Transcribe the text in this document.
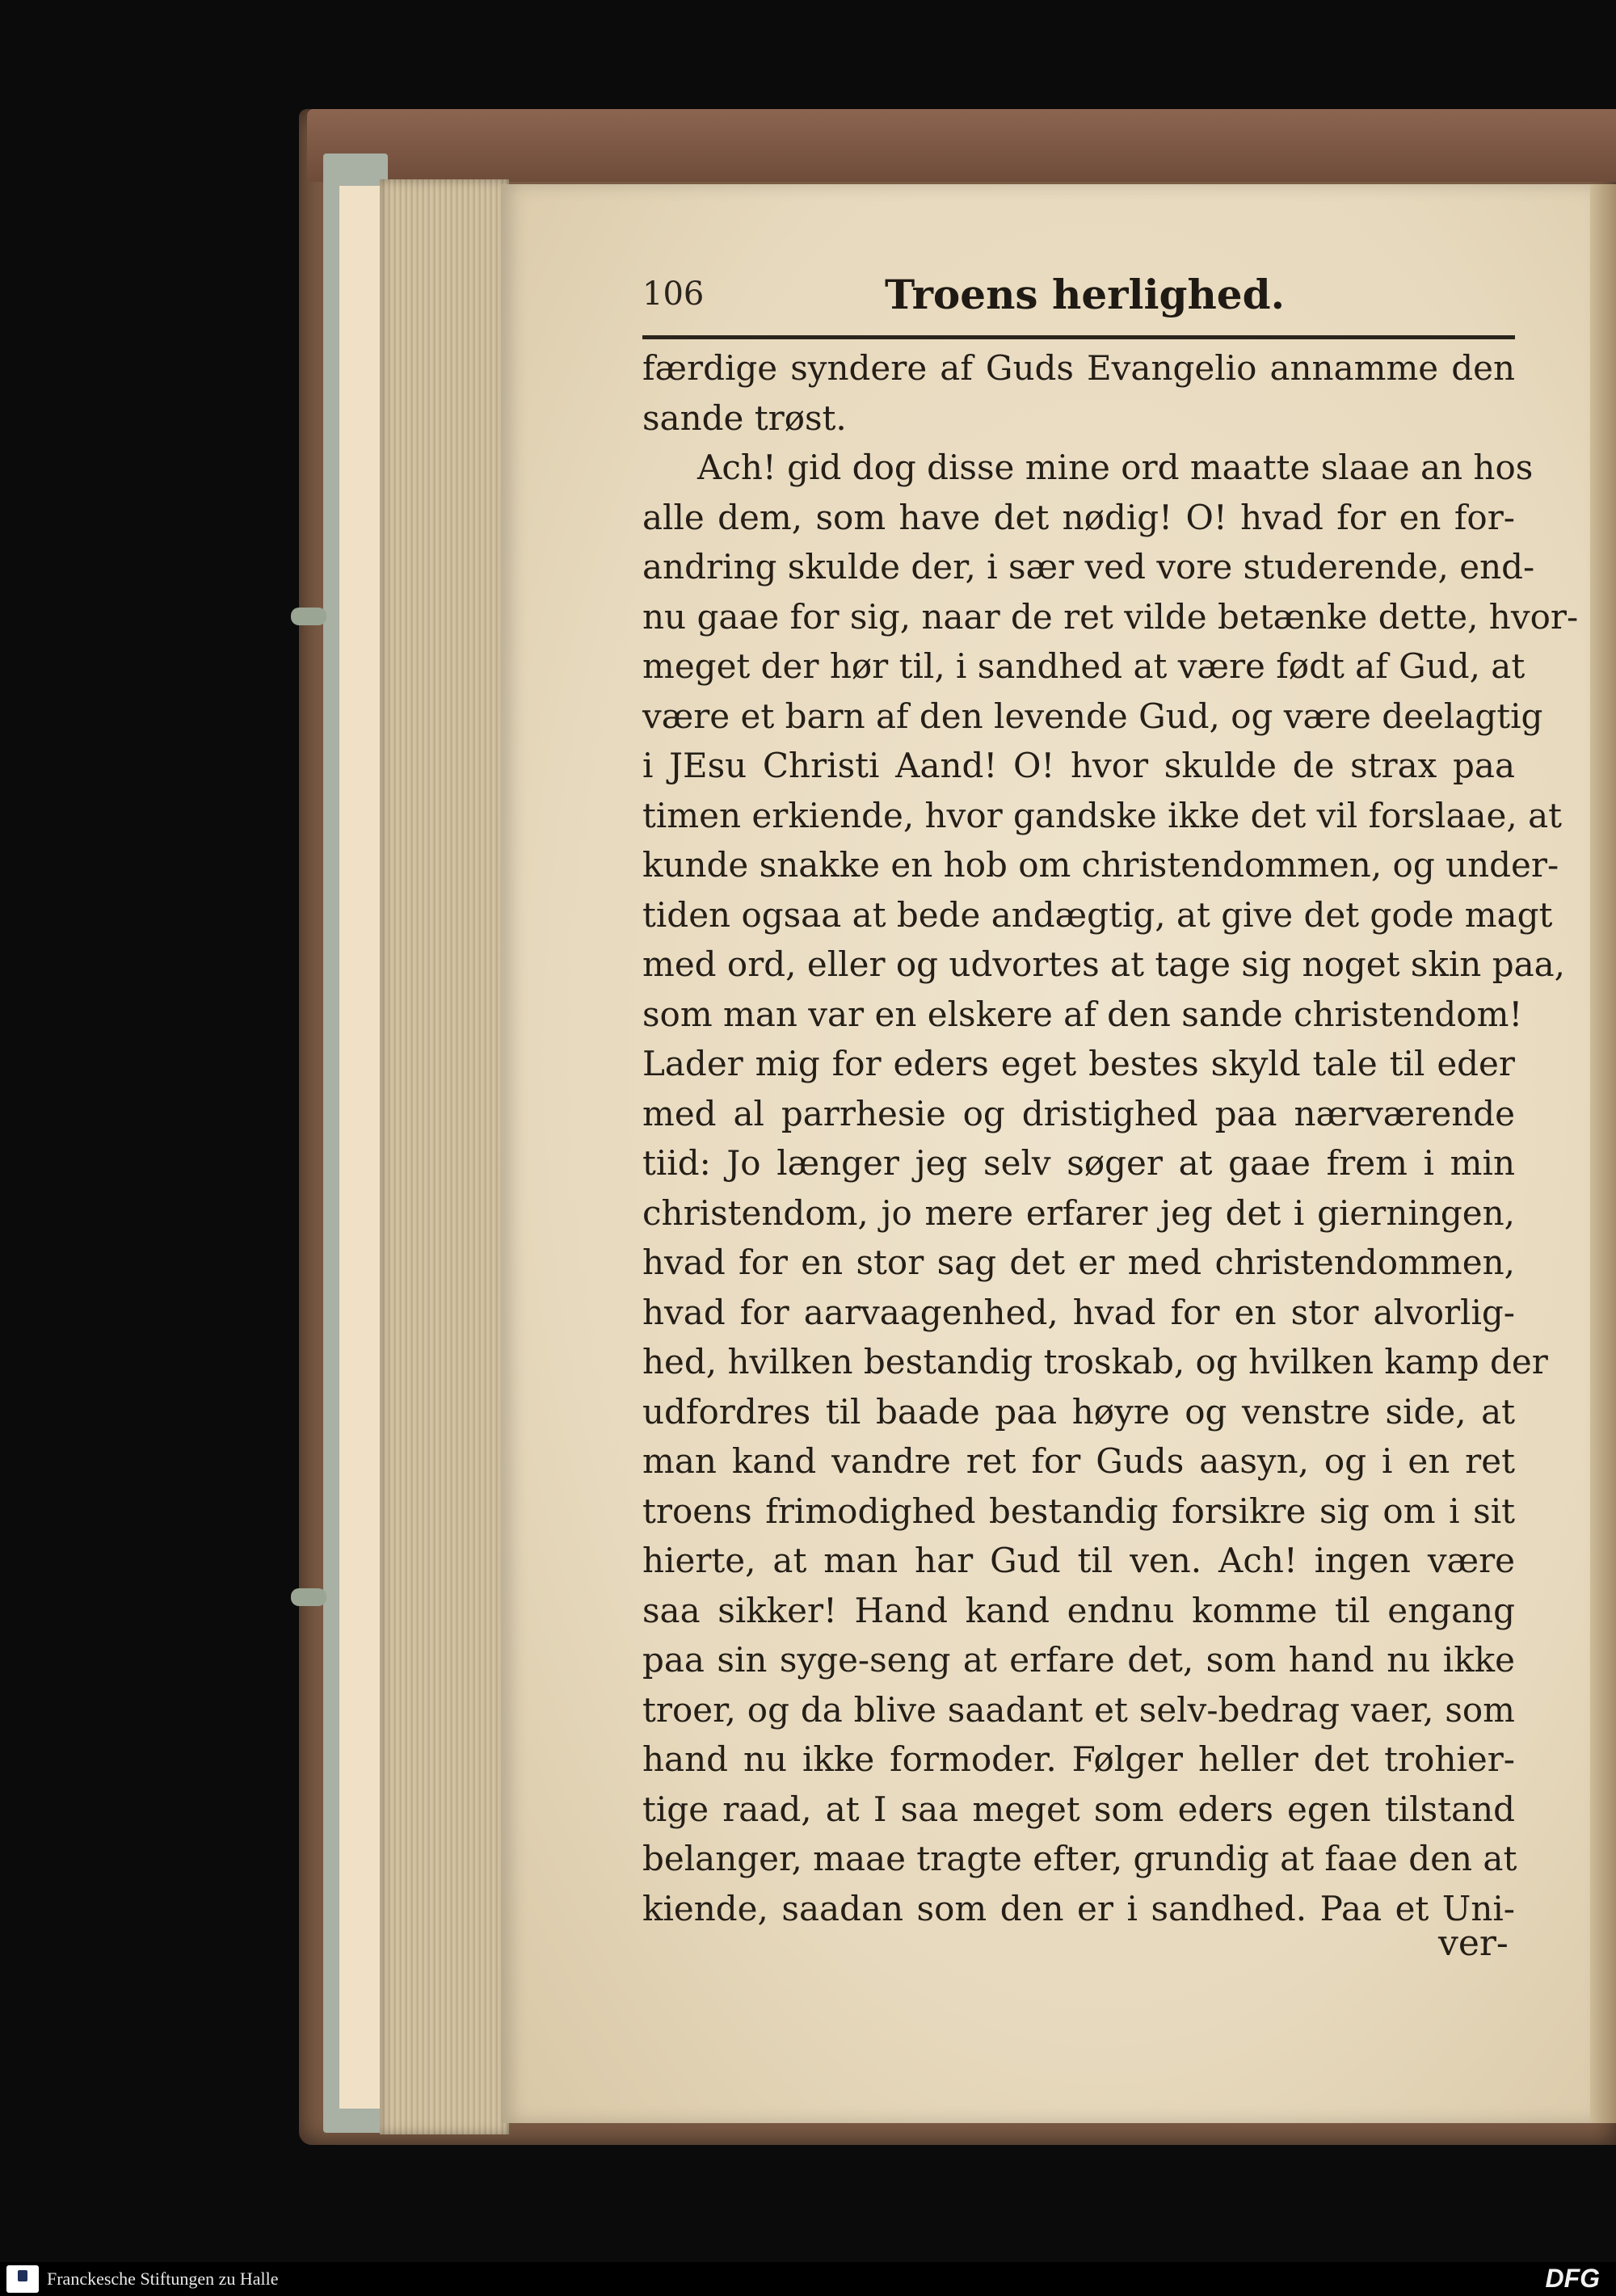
106	Troens herlighed.
færdige syndere af Guds Evangelio annamme den
sande trøst.
Ach! gid dog disse mine ord maatte slaae an hos
alle dem, som have det nødig! O! hvad for en for-
andring skulde der, i sær ved vore studerende, end-
nu gaae for sig, naar de ret vilde betænke dette, hvor-
meget der hør til, i sandhed at være født af Gud, at
være et barn af den levende Gud, og være deelagtig
i JEsu Christi Aand! O! hvor skulde de strax paa
timen erkiende, hvor gandske ikke det vil forslaae, at
kunde snakke en hob om christendommen, og under-
tiden ogsaa at bede andægtig, at give det gode magt
med ord, eller og udvortes at tage sig noget skin paa,
som man var en elskere af den sande christendom!
Lader mig for eders eget bestes skyld tale til eder
med al parrhesie og dristighed paa nærværende
tiid: Jo længer jeg selv søger at gaae frem i min
christendom, jo mere erfarer jeg det i gierningen,
hvad for en stor sag det er med christendommen,
hvad for aarvaagenhed, hvad for en stor alvorlig-
hed, hvilken bestandig troskab, og hvilken kamp der
udfordres til baade paa høyre og venstre side, at
man kand vandre ret for Guds aasyn, og i en ret
troens frimodighed bestandig forsikre sig om i sit
hierte, at man har Gud til ven. Ach! ingen være
saa sikker! Hand kand endnu komme til engang
paa sin syge-seng at erfare det, som hand nu ikke
troer, og da blive saadant et selv-bedrag vaer, som
hand nu ikke formoder. Følger heller det trohier-
tige raad, at I saa meget som eders egen tilstand
belanger, maae tragte efter, grundig at faae den at
kiende, saadan som den er i sandhed. Paa et Uni-
ver-
Franckesche Stiftungen zu Halle	DFG
